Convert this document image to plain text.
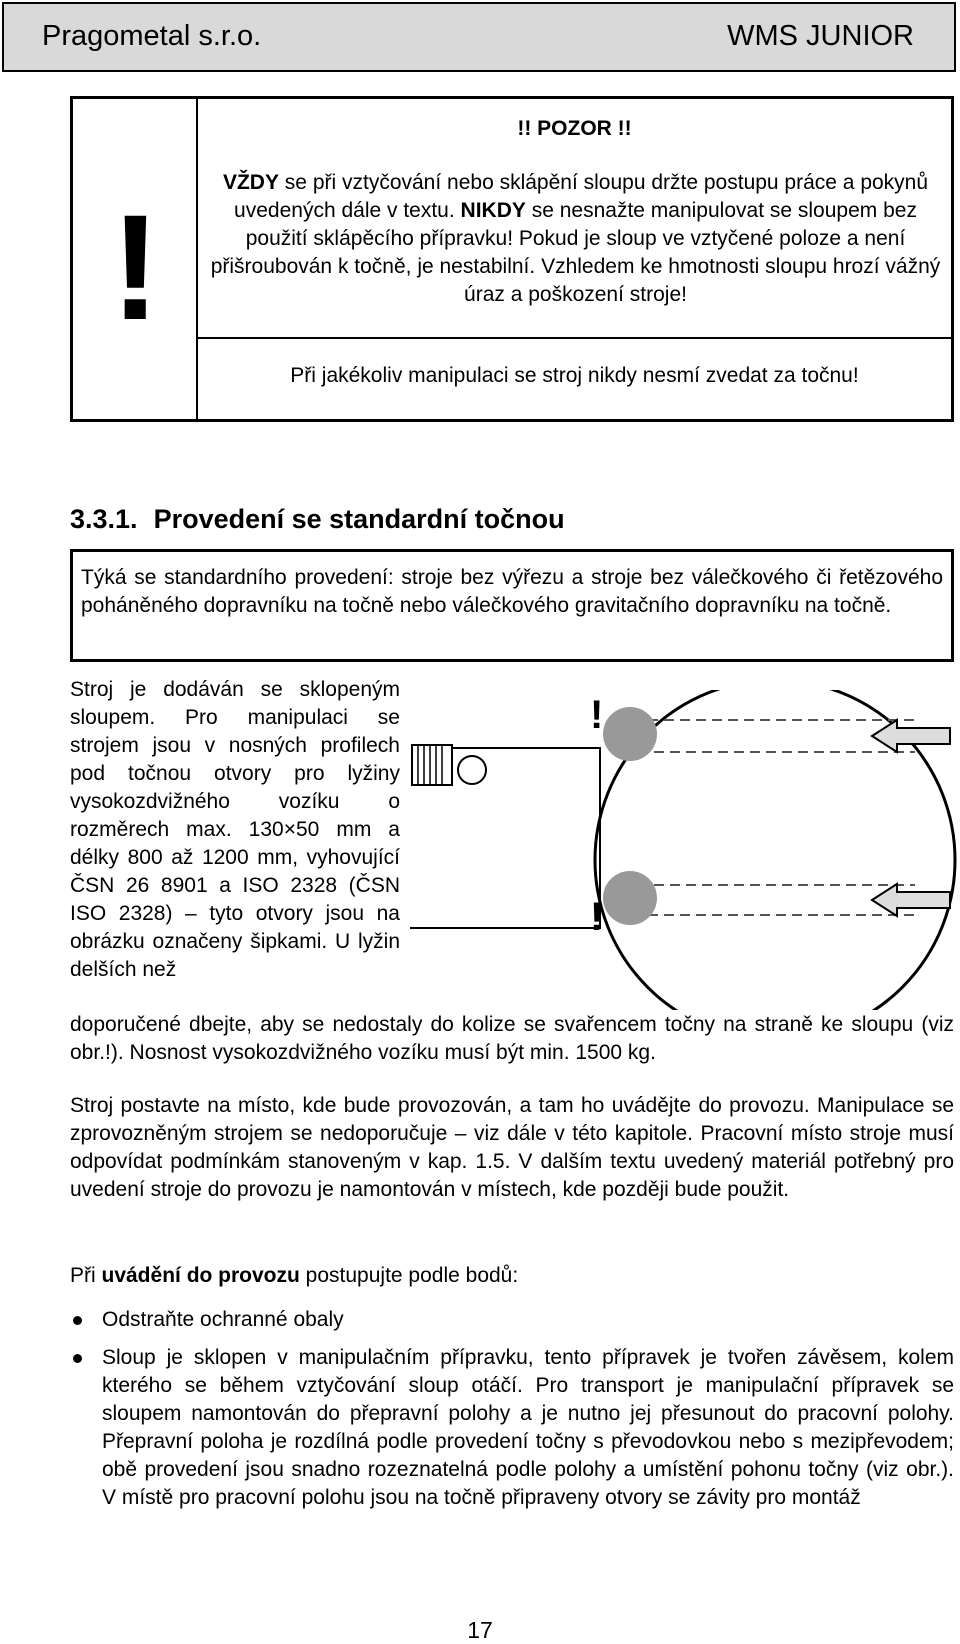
Pragometal s.r.o.	WMS JUNIOR
!
!! POZOR !!
VŽDY se při vztyčování nebo sklápění sloupu držte postupu práce a pokynů uvedených dále v textu. NIKDY se nesnažte manipulovat se sloupem bez použití sklápěcího přípravku! Pokud je sloup ve vztyčené poloze a není přišroubován k točně, je nestabilní. Vzhledem ke hmotnosti sloupu hrozí vážný úraz a poškození stroje!
Při jakékoliv manipulaci se stroj nikdy nesmí zvedat za točnu!
3.3.1. Provedení se standardní točnou
Týká se standardního provedení: stroje bez výřezu a stroje bez válečkového či řetězového poháněného dopravníku na točně nebo válečkového gravitačního dopravníku na točně.

Stroj je dodáván se sklopeným sloupem. Pro manipulaci se strojem jsou v nosných profilech pod točnou otvory pro lyžiny vysokozdvižného vozíku o rozměrech max. 130×50 mm a délky 800 až 1200 mm, vyhovující ČSN 26 8901 a ISO 2328 (ČSN ISO 2328) – tyto otvory jsou na obrázku označeny šipkami. U lyžin delších než

!
!

doporučené dbejte, aby se nedostaly do kolize se svařencem točny na straně ke sloupu (viz obr.!). Nosnost vysokozdvižného vozíku musí být min. 1500 kg.

Stroj postavte na místo, kde bude provozován, a tam ho uvádějte do provozu. Manipulace se zprovozněným strojem se nedoporučuje – viz dále v této kapitole. Pracovní místo stroje musí odpovídat podmínkám stanoveným v kap. 1.5. V dalším textu uvedený materiál potřebný pro uvedení stroje do provozu je namontován v místech, kde později bude použit.

Při uvádění do provozu postupujte podle bodů:

Odstraňte ochranné obaly
Sloup je sklopen v manipulačním přípravku, tento přípravek je tvořen závěsem, kolem kterého se během vztyčování sloup otáčí. Pro transport je manipulační přípravek se sloupem namontován do přepravní polohy a je nutno jej přesunout do pracovní polohy. Přepravní poloha je rozdílná podle provedení točny s převodovkou nebo s mezipřevodem; obě provedení jsou snadno rozeznatelná podle polohy a umístění pohonu točny (viz obr.). V místě pro pracovní polohu jsou na točně připraveny otvory se závity pro montáž
17
